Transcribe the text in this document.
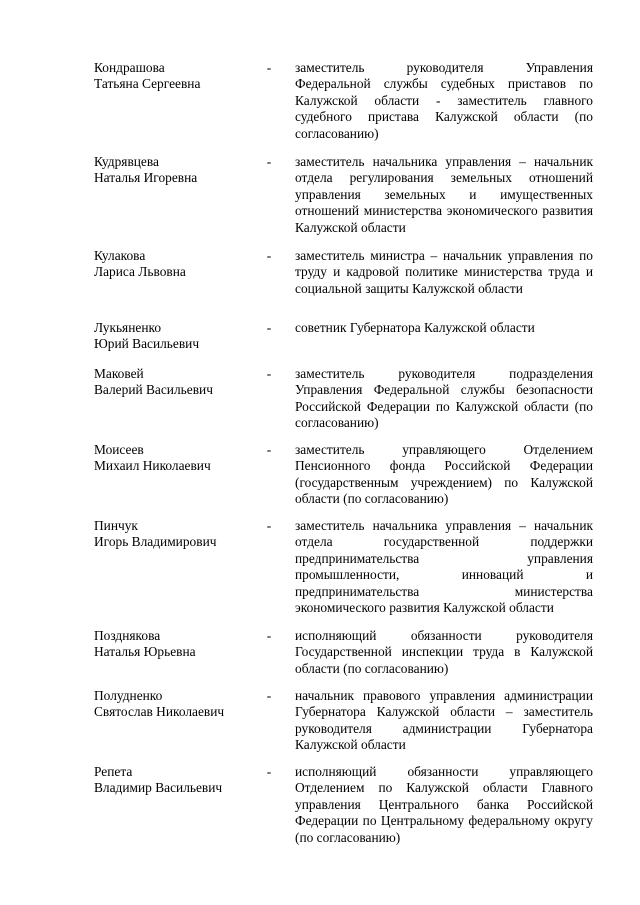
Кондрашова
Татьяна Сергеевна
- заместитель руководителя Управления Федеральной службы судебных приставов по Калужской области - заместитель главного судебного пристава Калужской области (по согласованию)
Кудрявцева
Наталья Игоревна
- заместитель начальника управления – начальник отдела регулирования земельных отношений управления земельных и имущественных отношений министерства экономического развития Калужской области
Кулакова
Лариса Львовна
- заместитель министра – начальник управления по труду и кадровой политике министерства труда и социальной защиты Калужской области
Лукьяненко
Юрий Васильевич
- советник Губернатора Калужской области
Маковей
Валерий Васильевич
- заместитель руководителя подразделения Управления Федеральной службы безопасности Российской Федерации по Калужской области (по согласованию)
Моисеев
Михаил Николаевич
- заместитель управляющего Отделением Пенсионного фонда Российской Федерации (государственным учреждением) по Калужской области (по согласованию)
Пинчук
Игорь Владимирович
- заместитель начальника управления – начальник отдела государственной поддержки предпринимательства управления промышленности, инноваций и предпринимательства министерства экономического развития Калужской области
Позднякова
Наталья Юрьевна
- исполняющий обязанности руководителя Государственной инспекции труда в Калужской области (по согласованию)
Полудненко
Святослав Николаевич
- начальник правового управления администрации Губернатора Калужской области – заместитель руководителя администрации Губернатора Калужской области
Репета
Владимир Васильевич
- исполняющий обязанности управляющего Отделением по Калужской области Главного управления Центрального банка Российской Федерации по Центральному федеральному округу (по согласованию)
